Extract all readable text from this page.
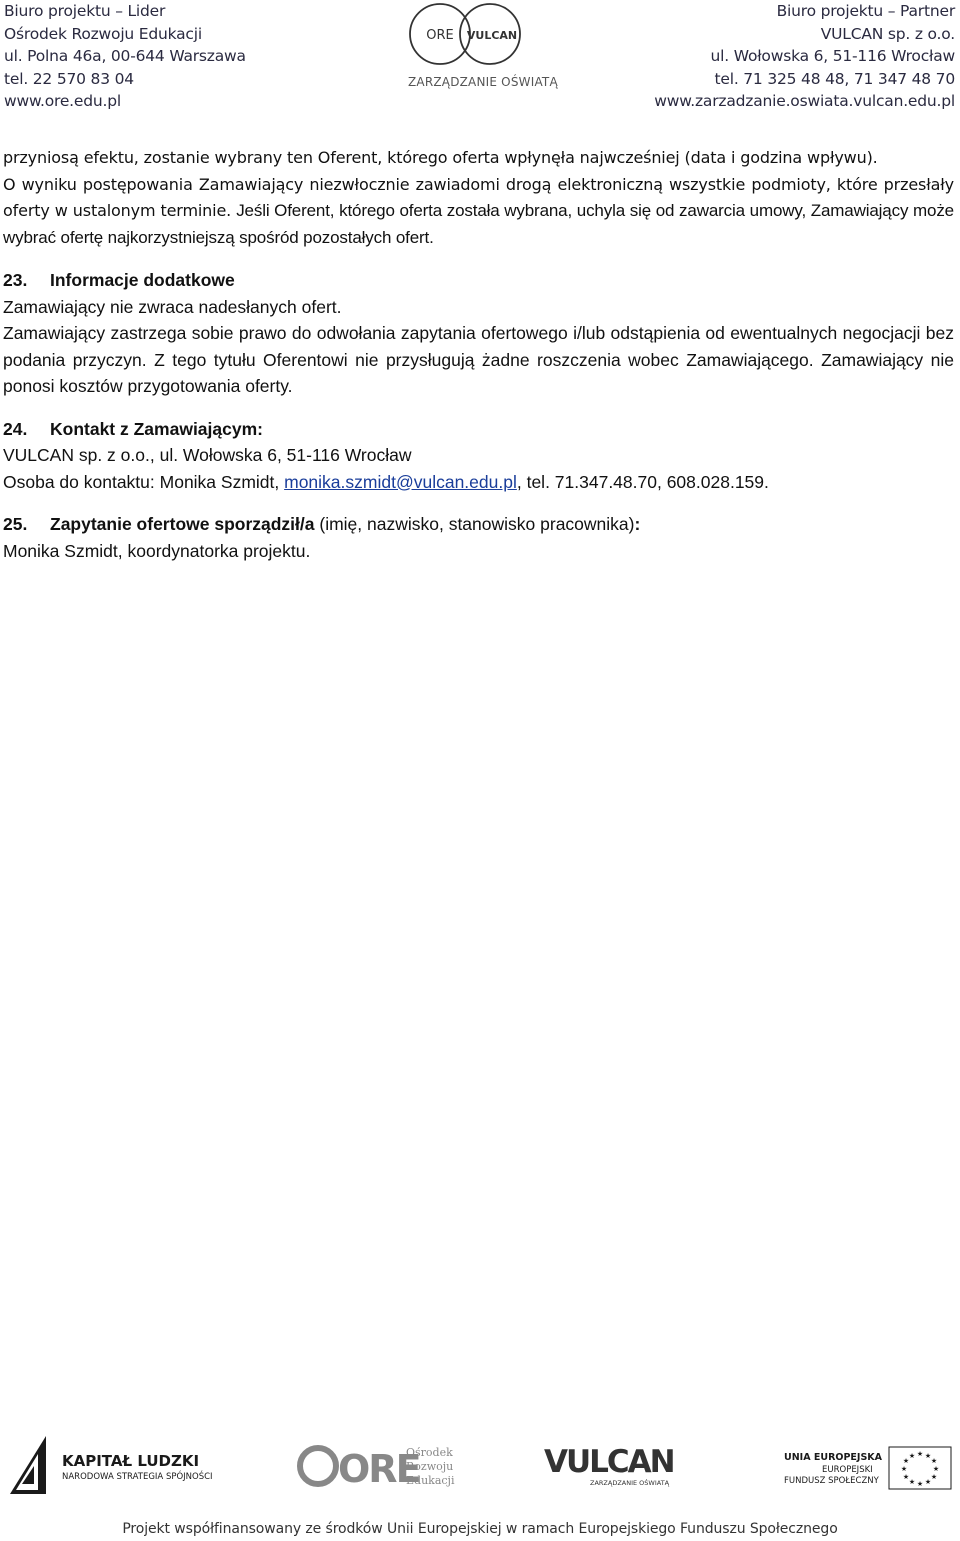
Biuro projektu – Lider
Ośrodek Rozwoju Edukacji
ul. Polna 46a, 00-644 Warszawa
tel. 22 570 83 04
www.ore.edu.pl
ORE VULCAN
ZARZĄDZANIE OŚWIATĄ
Biuro projektu – Partner
VULCAN sp. z o.o.
ul. Wołowska 6, 51-116 Wrocław
tel. 71 325 48 48, 71 347 48 70
www.zarzadzanie.oswiata.vulcan.edu.pl

przyniosą efektu, zostanie wybrany ten Oferent, którego oferta wpłynęła najwcześniej (data i godzina wpływu).

O wyniku postępowania Zamawiający niezwłocznie zawiadomi drogą elektroniczną wszystkie podmioty, które przesłały oferty w ustalonym terminie. Jeśli Oferent, którego oferta została wybrana, uchyla się od zawarcia umowy, Zamawiający może wybrać ofertę najkorzystniejszą spośród pozostałych ofert.

23. Informacje dodatkowe

Zamawiający nie zwraca nadesłanych ofert.

Zamawiający zastrzega sobie prawo do odwołania zapytania ofertowego i/lub odstąpienia od ewentualnych negocjacji bez podania przyczyn. Z tego tytułu Oferentowi nie przysługują żadne roszczenia wobec Zamawiającego. Zamawiający nie ponosi kosztów przygotowania oferty.

24. Kontakt z Zamawiającym:

VULCAN sp. z o.o., ul. Wołowska 6, 51-116 Wrocław

Osoba do kontaktu: Monika Szmidt, monika.szmidt@vulcan.edu.pl, tel. 71.347.48.70, 608.028.159.

25. Zapytanie ofertowe sporządził/a (imię, nazwisko, stanowisko pracownika):

Monika Szmidt, koordynatorka projektu.

KAPITAŁ LUDZKI
NARODOWA STRATEGIA SPÓJNOŚCI	ORE
Ośrodek
Rozwoju
Edukacji
VULCAN
ZARZĄDZANIE OŚWIATĄ
UNIA EUROPEJSKA
EUROPEJSKI
FUNDUSZ SPOŁECZNY
★ ★
★
★
★
★
★
★
★
★
★
★
Projekt współfinansowany ze środków Unii Europejskiej w ramach Europejskiego Funduszu Społecznego
